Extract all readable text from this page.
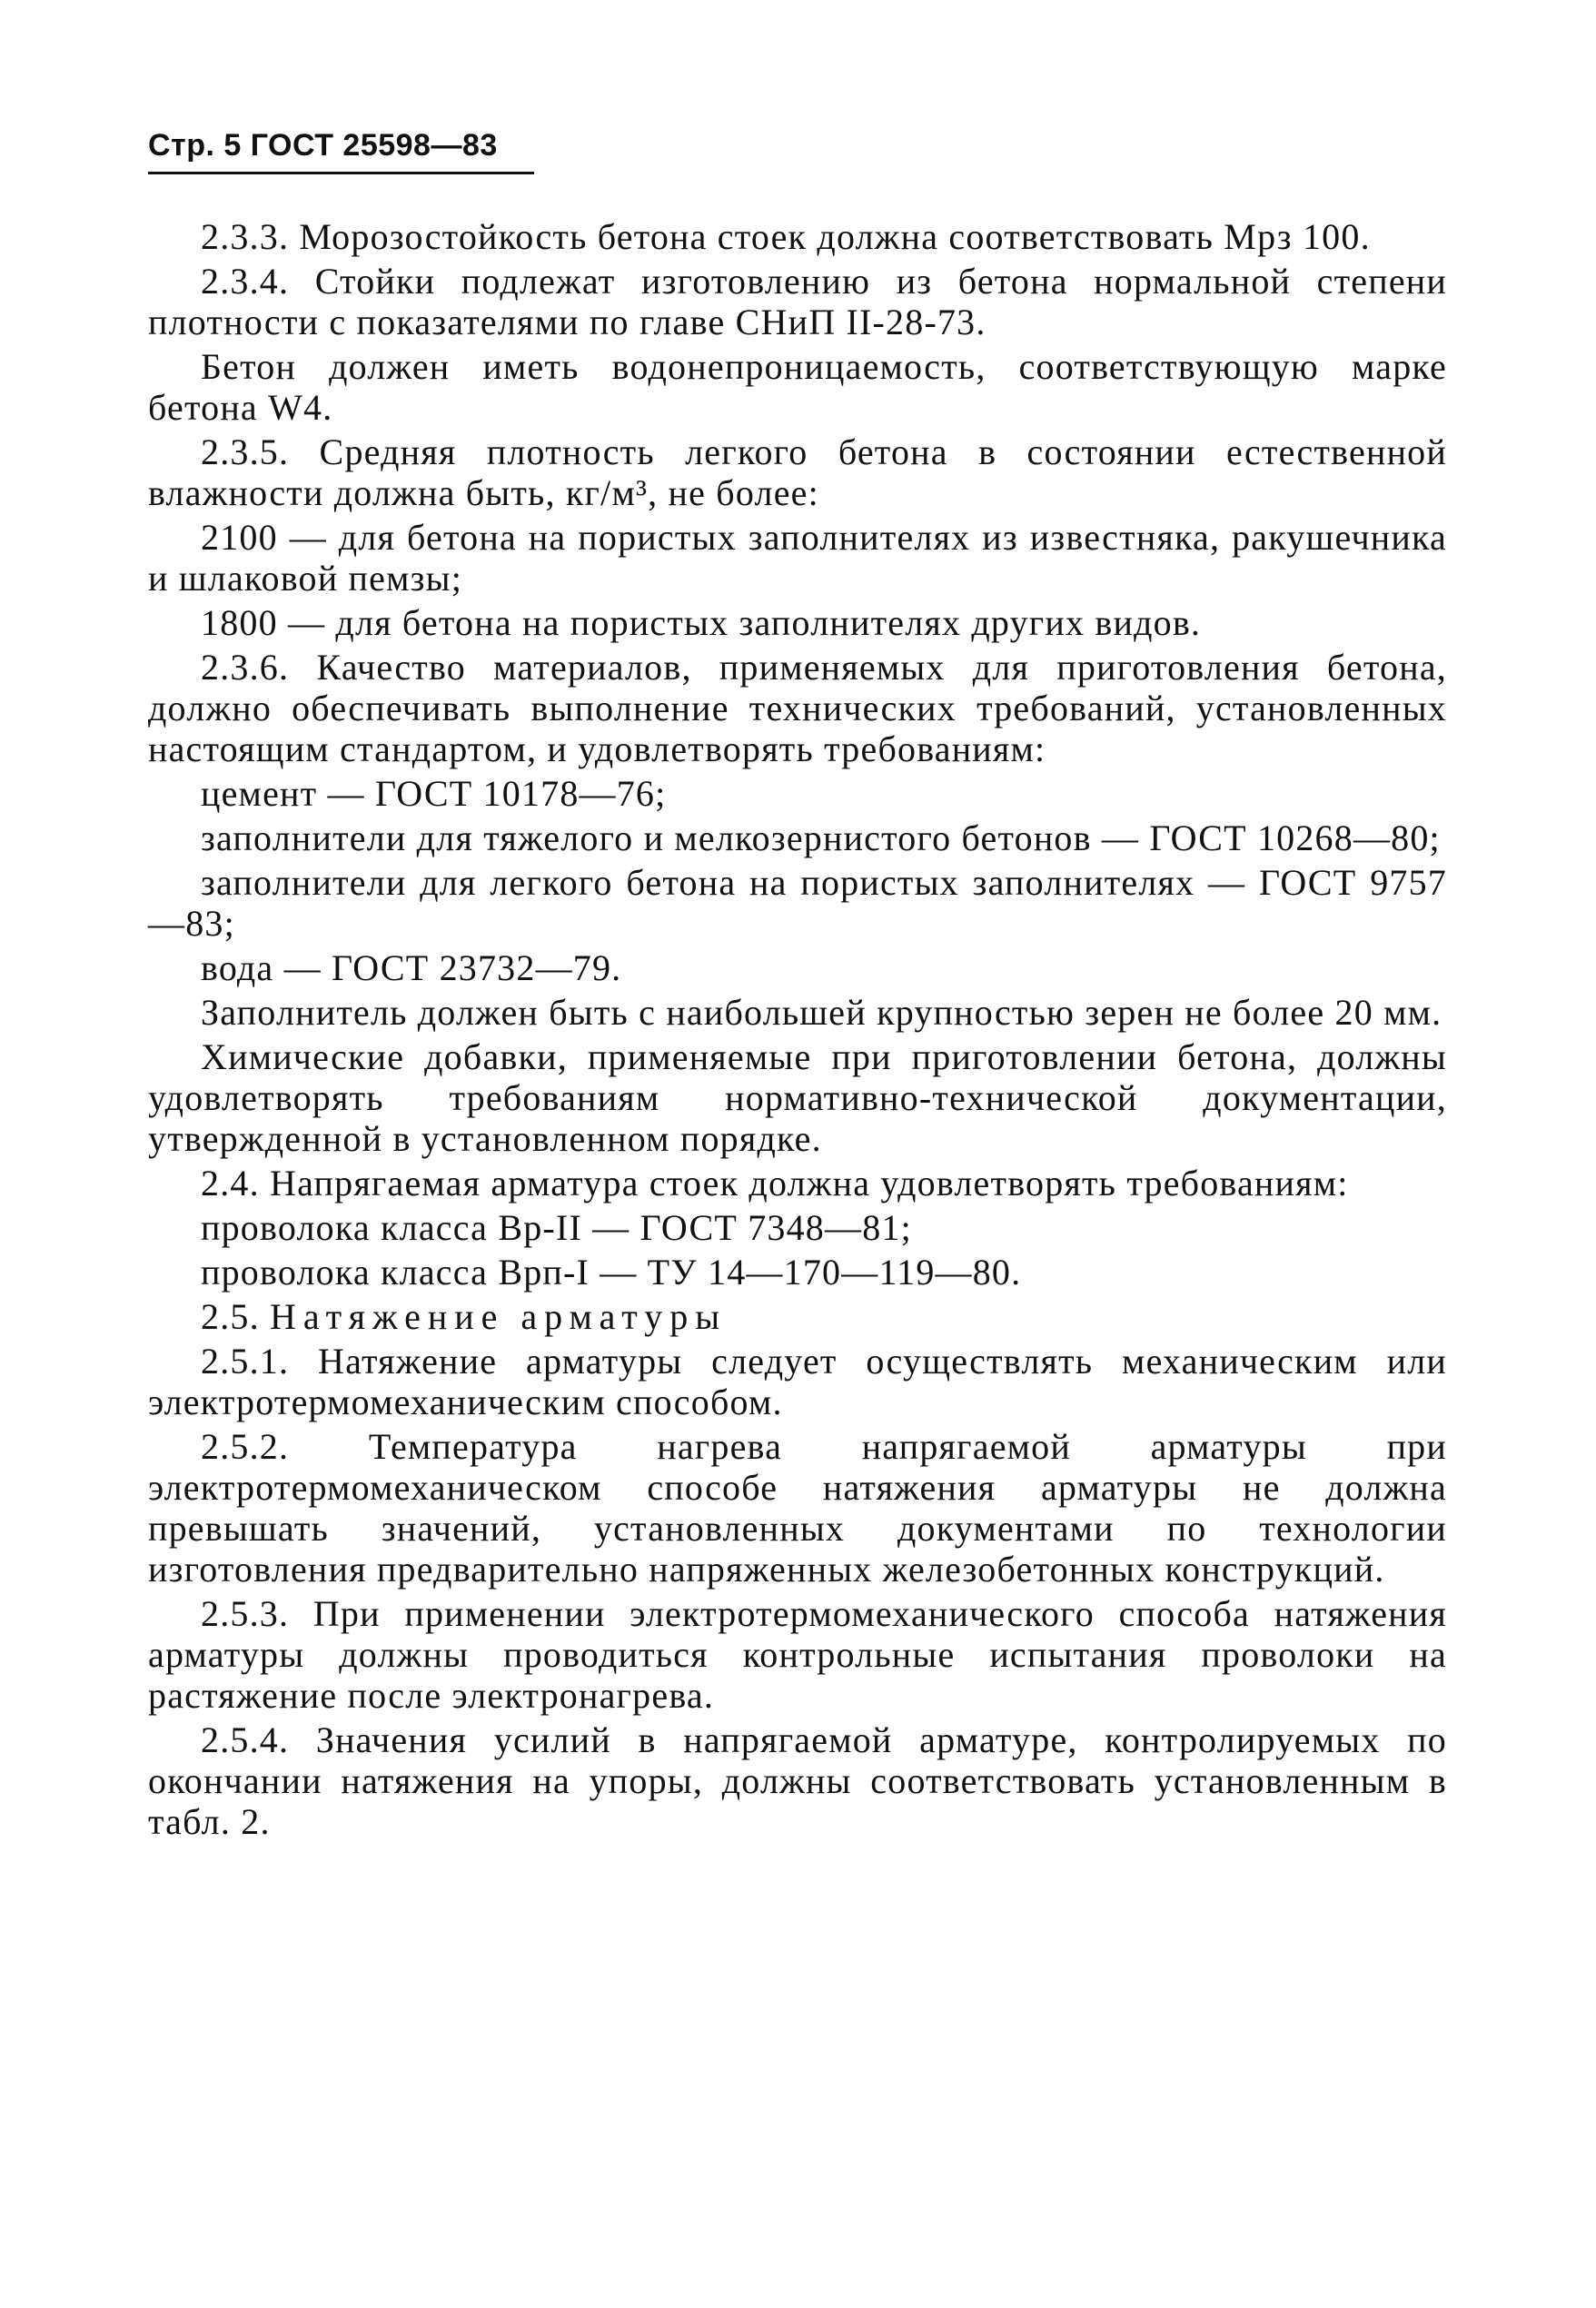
Стр. 5 ГОСТ 25598—83

2.3.3. Морозостойкость бетона стоек должна соответствовать Мрз 100.

2.3.4. Стойки подлежат изготовлению из бетона нормальной степени плотности с показателями по главе СНиП II-28-73.

Бетон должен иметь водонепроницаемость, соответствующую марке бетона W4.

2.3.5. Средняя плотность легкого бетона в состоянии естественной влажности должна быть, кг/м³, не более:

2100 — для бетона на пористых заполнителях из известняка, ракушечника и шлаковой пемзы;

1800 — для бетона на пористых заполнителях других видов.

2.3.6. Качество материалов, применяемых для приготовления бетона, должно обеспечивать выполнение технических требований, установленных настоящим стандартом, и удовлетворять требованиям:

цемент — ГОСТ 10178—76;

заполнители для тяжелого и мелкозернистого бетонов — ГОСТ 10268—80;

заполнители для легкого бетона на пористых заполнителях — ГОСТ 9757—83;

вода — ГОСТ 23732—79.

Заполнитель должен быть с наибольшей крупностью зерен не более 20 мм.

Химические добавки, применяемые при приготовлении бетона, должны удовлетворять требованиям нормативно-технической документации, утвержденной в установленном порядке.

2.4. Напрягаемая арматура стоек должна удовлетворять требованиям:

проволока класса Вр-II — ГОСТ 7348—81;

проволока класса Врп-I — ТУ 14—170—119—80.

2.5. Натяжение арматуры

2.5.1. Натяжение арматуры следует осуществлять механическим или электротермомеханическим способом.

2.5.2. Температура нагрева напрягаемой арматуры при электротермомеханическом способе натяжения арматуры не должна превышать значений, установленных документами по технологии изготовления предварительно напряженных железобетонных конструкций.

2.5.3. При применении электротермомеханического способа натяжения арматуры должны проводиться контрольные испытания проволоки на растяжение после электронагрева.

2.5.4. Значения усилий в напрягаемой арматуре, контролируемых по окончании натяжения на упоры, должны соответствовать установленным в табл. 2.
